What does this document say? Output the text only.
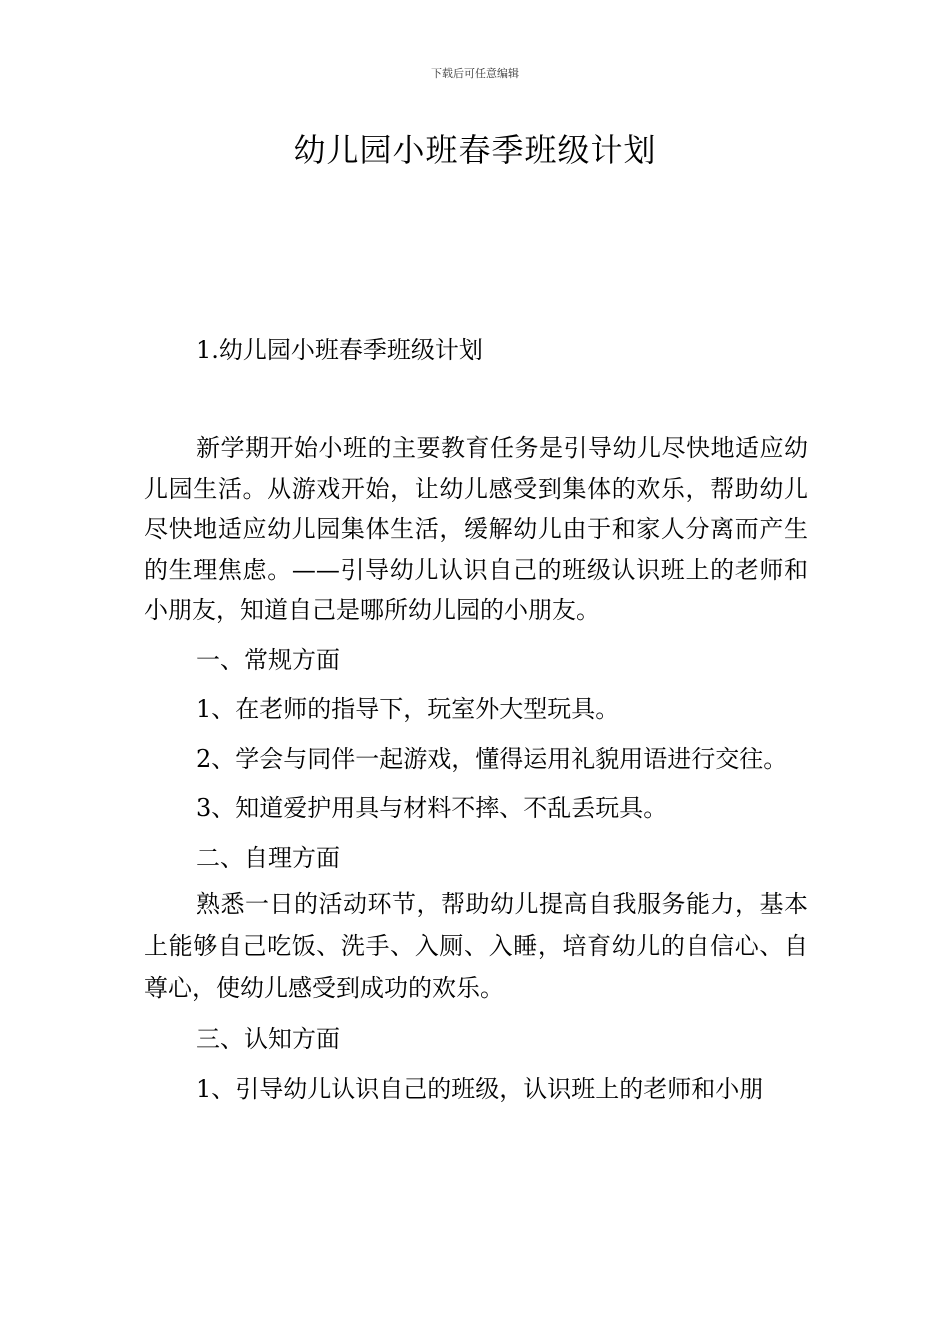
下载后可任意编辑
幼儿园小班春季班级计划
1.幼儿园小班春季班级计划

新学期开始小班的主要教育任务是引导幼儿尽快地适应幼儿园生活。从游戏开始，让幼儿感受到集体的欢乐，帮助幼儿尽快地适应幼儿园集体生活，缓解幼儿由于和家人分离而产生的生理焦虑。——引导幼儿认识自己的班级认识班上的老师和小朋友，知道自己是哪所幼儿园的小朋友。

一、常规方面

1、在老师的指导下，玩室外大型玩具。

2、学会与同伴一起游戏，懂得运用礼貌用语进行交往。

3、知道爱护用具与材料不摔、不乱丢玩具。

二、自理方面

熟悉一日的活动环节，帮助幼儿提高自我服务能力，基本上能够自己吃饭、洗手、入厕、入睡，培育幼儿的自信心、自尊心，使幼儿感受到成功的欢乐。

三、认知方面

1、引导幼儿认识自己的班级，认识班上的老师和小朋
